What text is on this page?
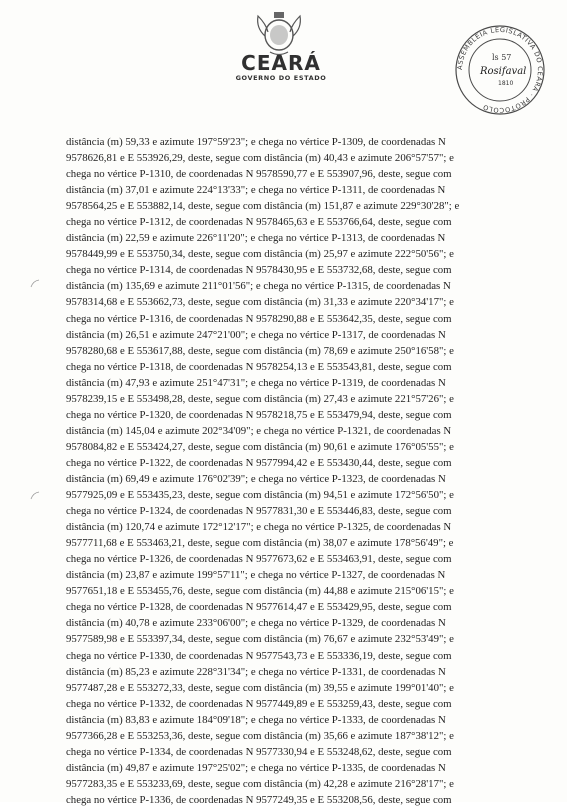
CEARÁ
GOVERNO DO ESTADO
ASSEMBLEIA LEGISLATIVA DO CEARÁ · PROTOCOLO
ls 57
Rosifaval
1810
distância (m) 59,33 e azimute 197°59'23"; e chega no vértice P-1309, de coordenadas N
9578626,81 e E 553926,29, deste, segue com distância (m) 40,43 e azimute 206°57'57"; e
chega no vértice P-1310, de coordenadas N 9578590,77 e E 553907,96, deste, segue com
distância (m) 37,01 e azimute 224°13'33"; e chega no vértice P-1311, de coordenadas N
9578564,25 e E 553882,14, deste, segue com distância (m) 151,87 e azimute 229°30'28"; e
chega no vértice P-1312, de coordenadas N 9578465,63 e E 553766,64, deste, segue com
distância (m) 22,59 e azimute 226°11'20"; e chega no vértice P-1313, de coordenadas N
9578449,99 e E 553750,34, deste, segue com distância (m) 25,97 e azimute 222°50'56"; e
chega no vértice P-1314, de coordenadas N 9578430,95 e E 553732,68, deste, segue com
distância (m) 135,69 e azimute 211°01'56"; e chega no vértice P-1315, de coordenadas N
9578314,68 e E 553662,73, deste, segue com distância (m) 31,33 e azimute 220°34'17"; e
chega no vértice P-1316, de coordenadas N 9578290,88 e E 553642,35, deste, segue com
distância (m) 26,51 e azimute 247°21'00"; e chega no vértice P-1317, de coordenadas N
9578280,68 e E 553617,88, deste, segue com distância (m) 78,69 e azimute 250°16'58"; e
chega no vértice P-1318, de coordenadas N 9578254,13 e E 553543,81, deste, segue com
distância (m) 47,93 e azimute 251°47'31"; e chega no vértice P-1319, de coordenadas N
9578239,15 e E 553498,28, deste, segue com distância (m) 27,43 e azimute 221°57'26"; e
chega no vértice P-1320, de coordenadas N 9578218,75 e E 553479,94, deste, segue com
distância (m) 145,04 e azimute 202°34'09"; e chega no vértice P-1321, de coordenadas N
9578084,82 e E 553424,27, deste, segue com distância (m) 90,61 e azimute 176°05'55"; e
chega no vértice P-1322, de coordenadas N 9577994,42 e E 553430,44, deste, segue com
distância (m) 69,49 e azimute 176°02'39"; e chega no vértice P-1323, de coordenadas N
9577925,09 e E 553435,23, deste, segue com distância (m) 94,51 e azimute 172°56'50"; e
chega no vértice P-1324, de coordenadas N 9577831,30 e E 553446,83, deste, segue com
distância (m) 120,74 e azimute 172°12'17"; e chega no vértice P-1325, de coordenadas N
9577711,68 e E 553463,21, deste, segue com distância (m) 38,07 e azimute 178°56'49"; e
chega no vértice P-1326, de coordenadas N 9577673,62 e E 553463,91, deste, segue com
distância (m) 23,87 e azimute 199°57'11"; e chega no vértice P-1327, de coordenadas N
9577651,18 e E 553455,76, deste, segue com distância (m) 44,88 e azimute 215°06'15"; e
chega no vértice P-1328, de coordenadas N 9577614,47 e E 553429,95, deste, segue com
distância (m) 40,78 e azimute 233°06'00"; e chega no vértice P-1329, de coordenadas N
9577589,98 e E 553397,34, deste, segue com distância (m) 76,67 e azimute 232°53'49"; e
chega no vértice P-1330, de coordenadas N 9577543,73 e E 553336,19, deste, segue com
distância (m) 85,23 e azimute 228°31'34"; e chega no vértice P-1331, de coordenadas N
9577487,28 e E 553272,33, deste, segue com distância (m) 39,55 e azimute 199°01'40"; e
chega no vértice P-1332, de coordenadas N 9577449,89 e E 553259,43, deste, segue com
distância (m) 83,83 e azimute 184°09'18"; e chega no vértice P-1333, de coordenadas N
9577366,28 e E 553253,36, deste, segue com distância (m) 35,66 e azimute 187°38'12"; e
chega no vértice P-1334, de coordenadas N 9577330,94 e E 553248,62, deste, segue com
distância (m) 49,87 e azimute 197°25'02"; e chega no vértice P-1335, de coordenadas N
9577283,35 e E 553233,69, deste, segue com distância (m) 42,28 e azimute 216°28'17"; e
chega no vértice P-1336, de coordenadas N 9577249,35 e E 553208,56, deste, segue com
